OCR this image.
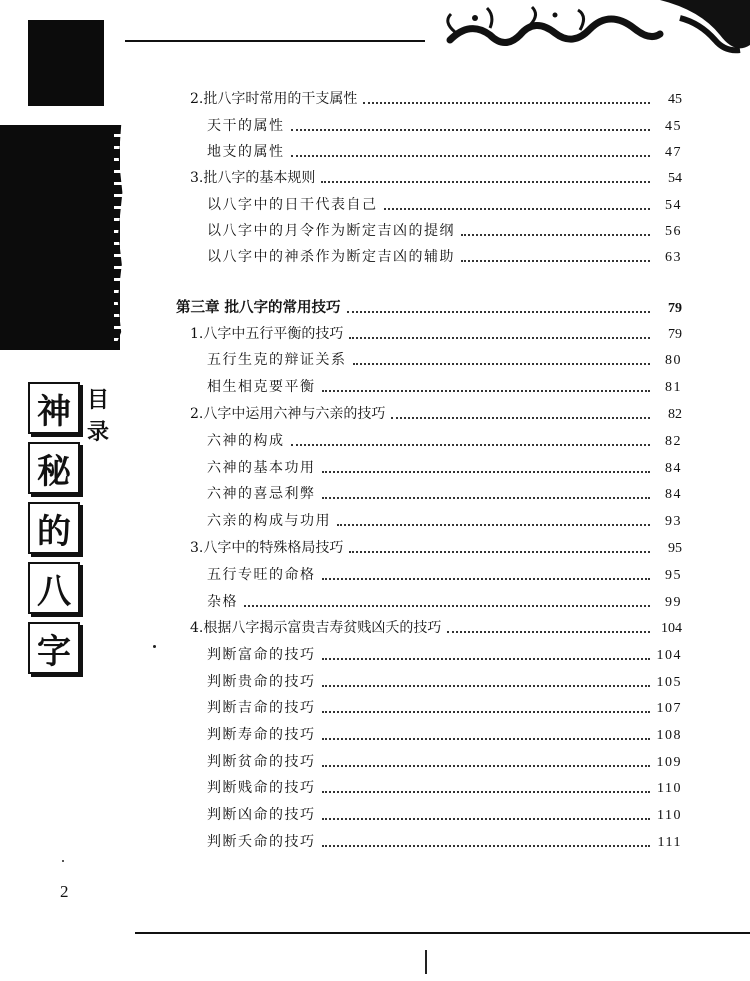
目录
神
秘
的
八
字
2.批八字时常用的干支属性	45
天干的属性	45
地支的属性	47
3.批八字的基本规则	54
以八字中的日干代表自己	54
以八字中的月令作为断定吉凶的提纲	56
以八字中的神杀作为断定吉凶的辅助	63
第三章 批八字的常用技巧	79
1.八字中五行平衡的技巧	79
五行生克的辩证关系	80
相生相克要平衡	81
2.八字中运用六神与六亲的技巧	82
六神的构成	82
六神的基本功用	84
六神的喜忌利弊	84
六亲的构成与功用	93
3.八字中的特殊格局技巧	95
五行专旺的命格	95
杂格	99
4.根据八字揭示富贵吉寿贫贱凶夭的技巧	104
判断富命的技巧	104
判断贵命的技巧	105
判断吉命的技巧	107
判断寿命的技巧	108
判断贫命的技巧	109
判断贱命的技巧	110
判断凶命的技巧	110
判断夭命的技巧	111
2
